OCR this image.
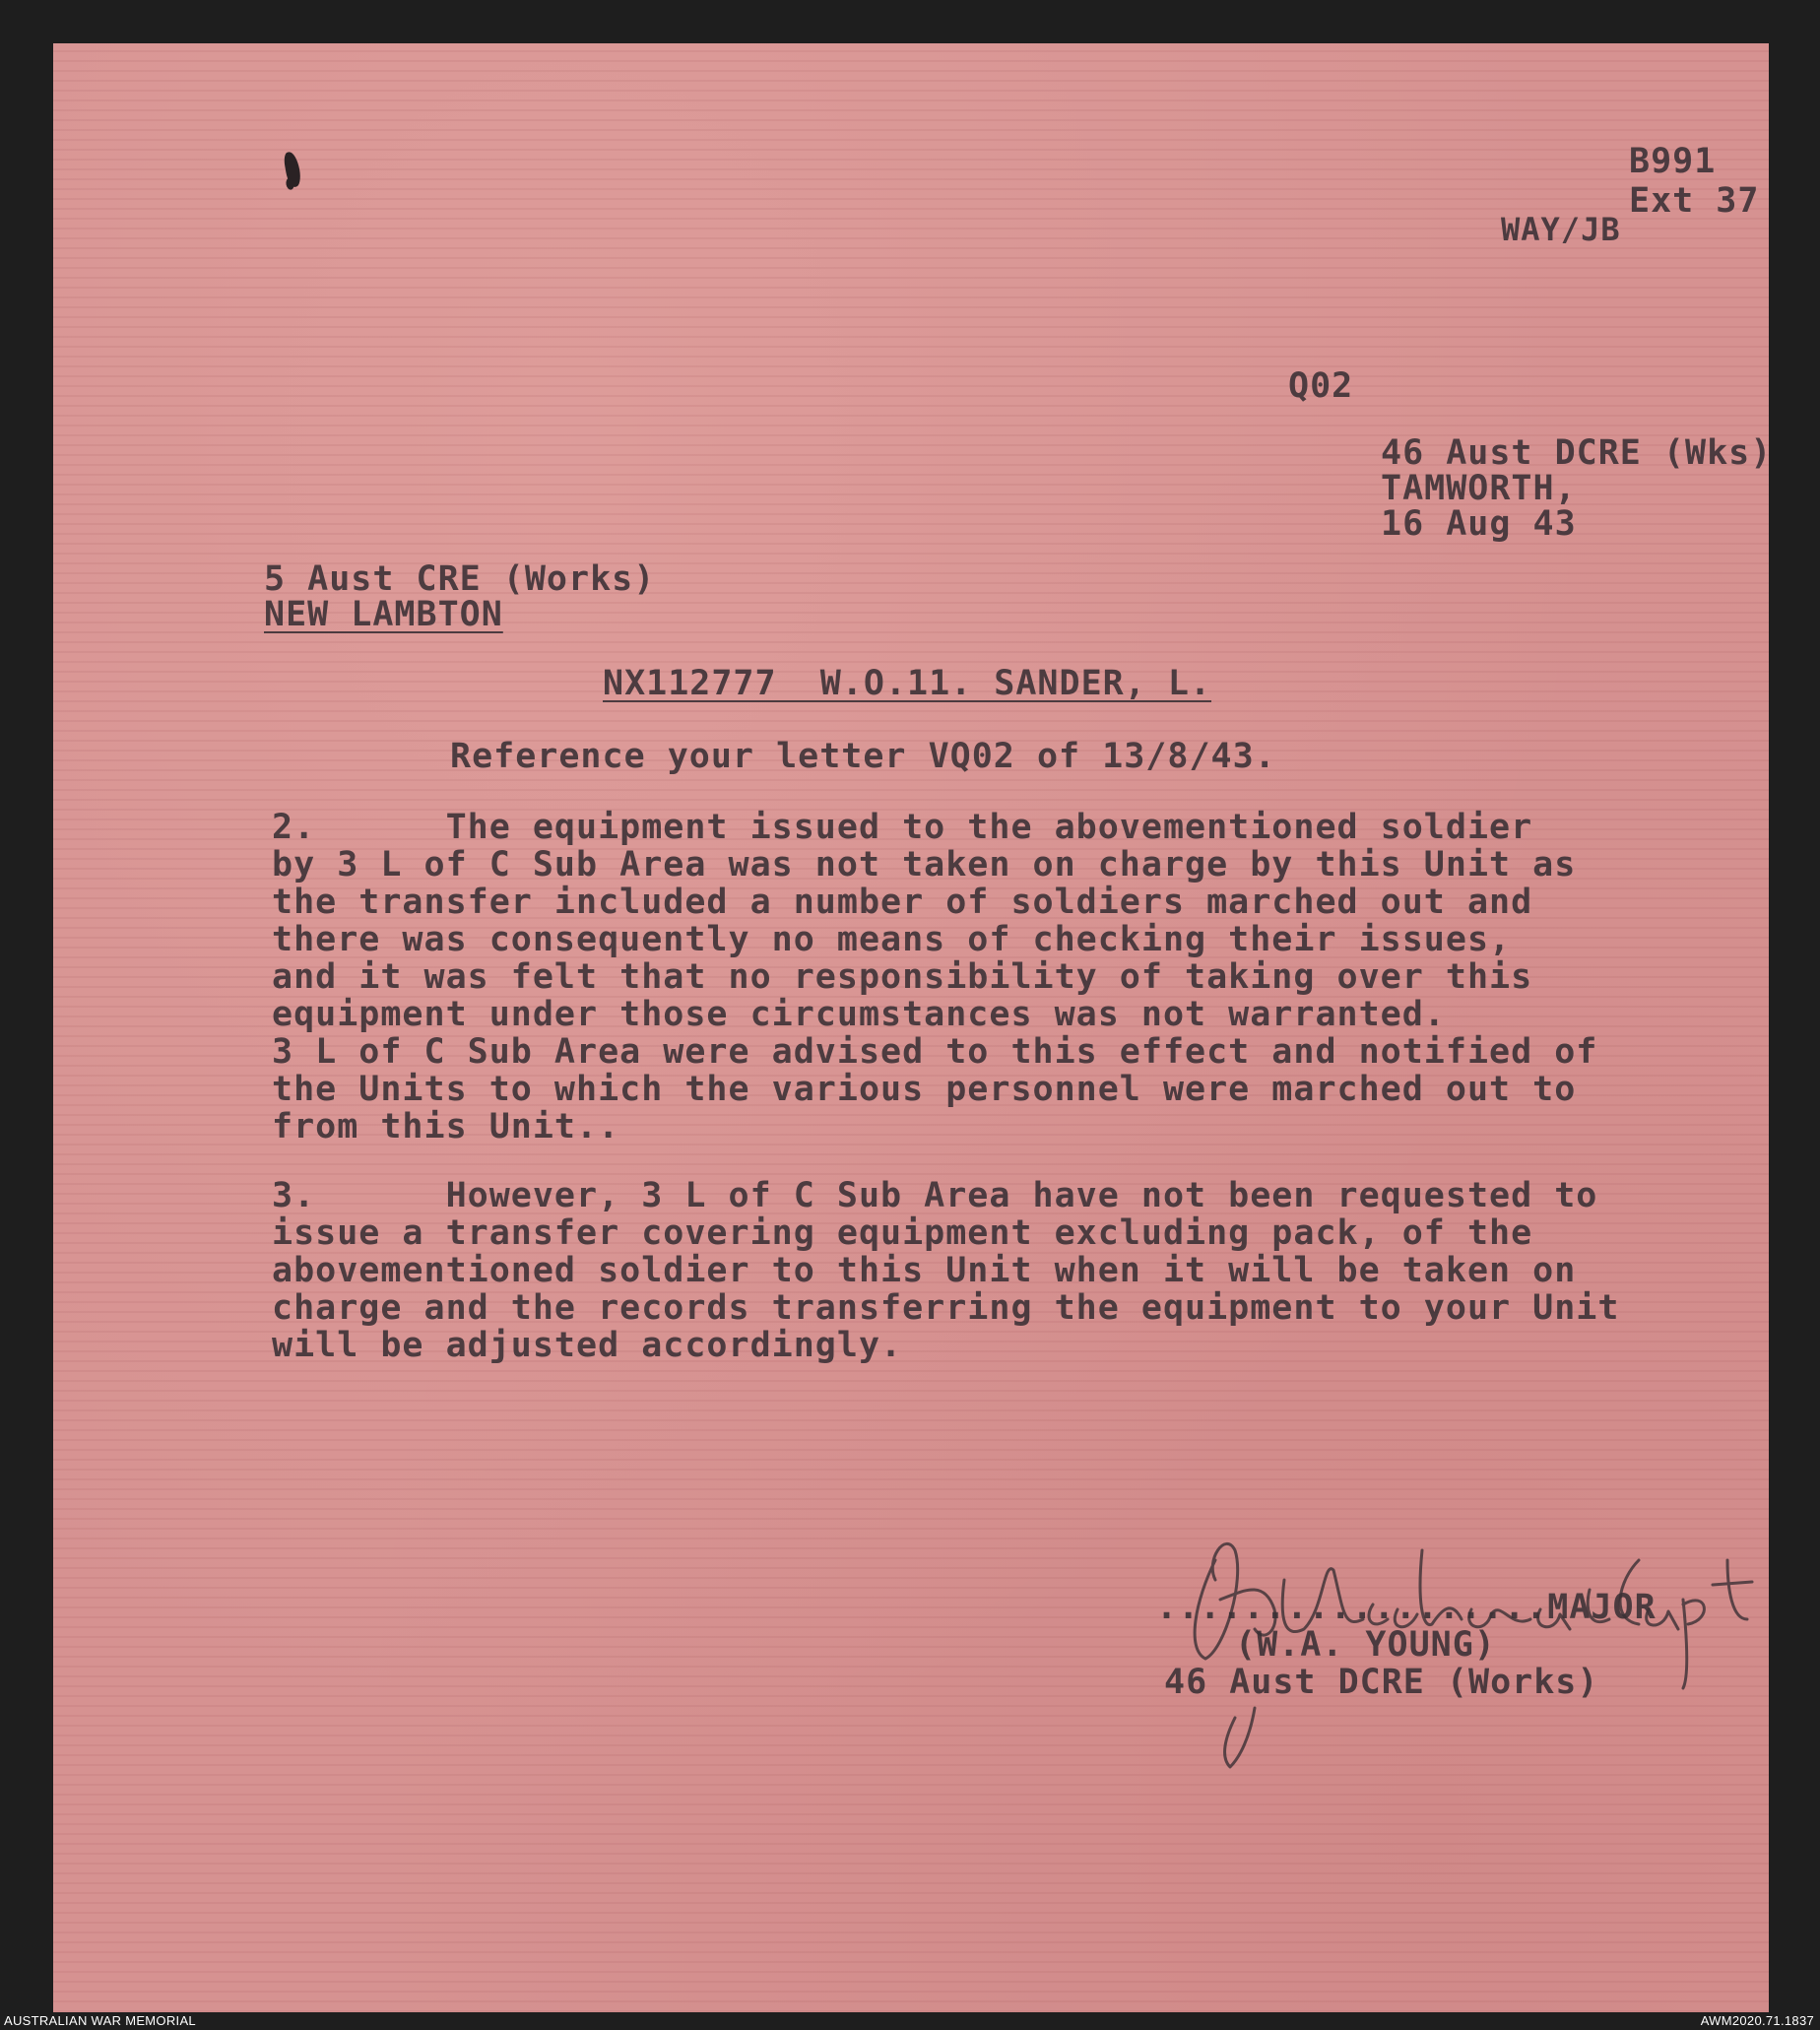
B991
Ext 37
WAY/JB
Q02
46 Aust DCRE (Wks)
TAMWORTH,
16 Aug 43
5 Aust CRE (Works)
NEW LAMBTON
NX112777  W.O.11. SANDER, L.
Reference your letter VQ02 of 13/8/43.
2.      The equipment issued to the abovementioned soldier
by 3 L of C Sub Area was not taken on charge by this Unit as
the transfer included a number of soldiers marched out and
there was consequently no means of checking their issues,
and it was felt that no responsibility of taking over this
equipment under those circumstances was not warranted.
3 L of C Sub Area were advised to this effect and notified of
the Units to which the various personnel were marched out to
from this Unit..
3.      However, 3 L of C Sub Area have not been requested to
issue a transfer covering equipment excluding pack, of the
abovementioned soldier to this Unit when it will be taken on
charge and the records transferring the equipment to your Unit
will be adjusted accordingly.
..................MAJOR
(W.A. YOUNG)
46 Aust DCRE (Works)
AUSTRALIAN WAR MEMORIAL	AWM2020.71.1837
